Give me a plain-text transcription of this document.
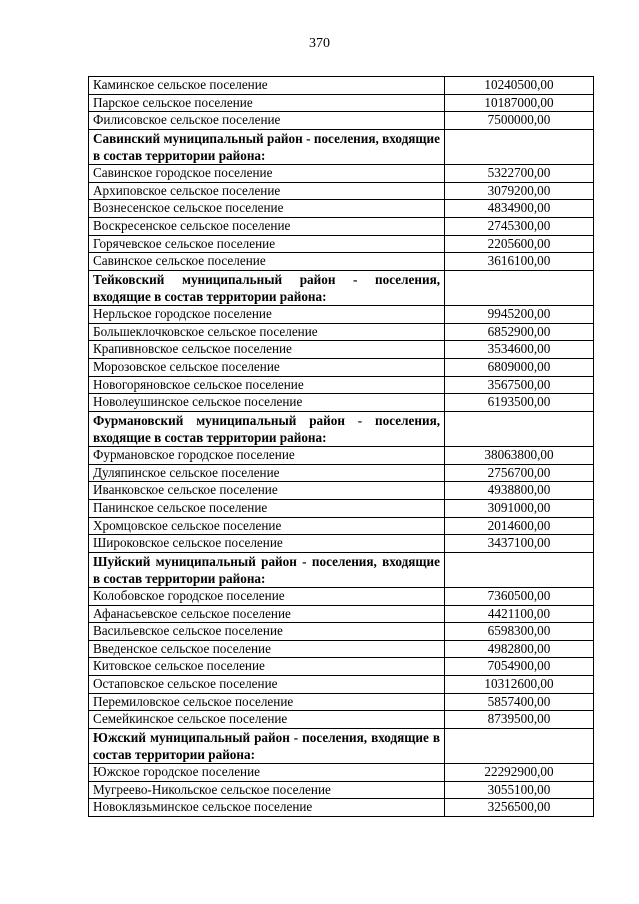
370
Каминское сельское поселение	10240500,00
Парское сельское поселение	10187000,00
Филисовское сельское поселение	7500000,00
Савинский муниципальный район - поселения, входящие в состав территории района:	
Савинское городское поселение	5322700,00
Архиповское сельское поселение	3079200,00
Вознесенское сельское поселение	4834900,00
Воскресенское сельское поселение	2745300,00
Горячевское сельское поселение	2205600,00
Савинское сельское поселение	3616100,00
Тейковский муниципальный район - поселения, входящие в состав территории района:	
Нерльское городское поселение	9945200,00
Большеклочковское сельское поселение	6852900,00
Крапивновское сельское поселение	3534600,00
Морозовское сельское поселение	6809000,00
Новогоряновское сельское поселение	3567500,00
Новолеушинское сельское поселение	6193500,00
Фурмановский муниципальный район - поселения, входящие в состав территории района:	
Фурмановское городское поселение	38063800,00
Дуляпинское сельское поселение	2756700,00
Иванковское сельское поселение	4938800,00
Панинское сельское поселение	3091000,00
Хромцовское сельское поселение	2014600,00
Широковское сельское поселение	3437100,00
Шуйский муниципальный район - поселения, входящие в состав территории района:	
Колобовское городское поселение	7360500,00
Афанасьевское сельское поселение	4421100,00
Васильевское сельское поселение	6598300,00
Введенское сельское поселение	4982800,00
Китовское сельское поселение	7054900,00
Остаповское сельское поселение	10312600,00
Перемиловское сельское поселение	5857400,00
Семейкинское сельское поселение	8739500,00
Южский муниципальный район - поселения, входящие в состав территории района:	
Южское городское поселение	22292900,00
Мугреево-Никольское сельское поселение	3055100,00
Новоклязьминское сельское поселение	3256500,00
